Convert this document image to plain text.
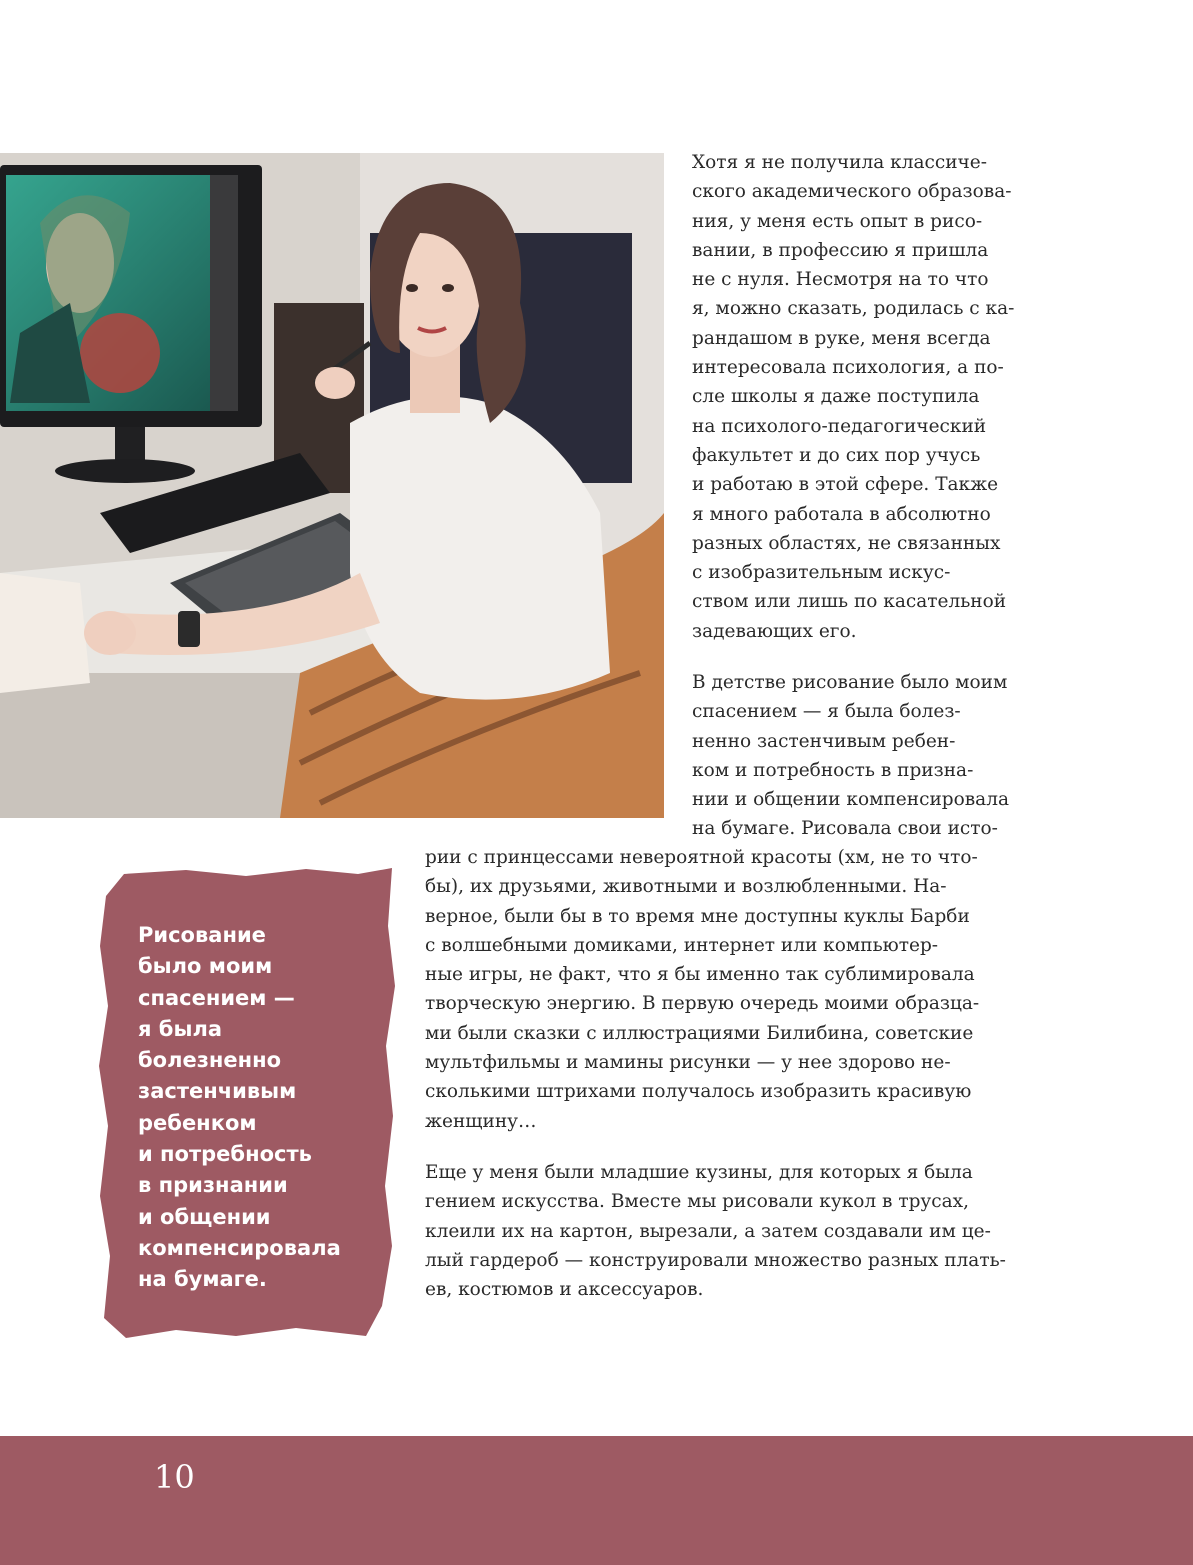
Хотя я не получила классиче-
ского академического образова-
ния, у меня есть опыт в рисо-
вании, в профессию я пришла
не с нуля. Несмотря на то что
я, можно сказать, родилась с ка-
рандашом в руке, меня всегда
интересовала психология, а по-
сле школы я даже поступила
на психолого-педагогический
факультет и до сих пор учусь
и работаю в этой сфере. Также
я много работала в абсолютно
разных областях, не связанных
с изобразительным искус-
ством или лишь по касательной
задевающих его.

В детстве рисование было моим
спасением — я была болез-
ненно застенчивым ребен-
ком и потребность в призна-
нии и общении компенсировала
на бумаге. Рисовала свои исто-

рии с принцессами невероятной красоты (хм, не то что-
бы), их друзьями, животными и возлюбленными. На-
верное, были бы в то время мне доступны куклы Барби
с волшебными домиками, интернет или компьютер-
ные игры, не факт, что я бы именно так сублимировала
творческую энергию. В первую очередь моими образца-
ми были сказки с иллюстрациями Билибина, советские
мультфильмы и мамины рисунки — у нее здорово не-
сколькими штрихами получалось изобразить красивую
женщину…

Еще у меня были младшие кузины, для которых я была
гением искусства. Вместе мы рисовали кукол в трусах,
клеили их на картон, вырезали, а затем создавали им це-
лый гардероб — конструировали множество разных плать-
ев, костюмов и аксессуаров.

Рисование
было моим
спасением —
я была
болезненно
застенчивым
ребенком
и потребность
в признании
и общении
компенсировала
на бумаге.
10
